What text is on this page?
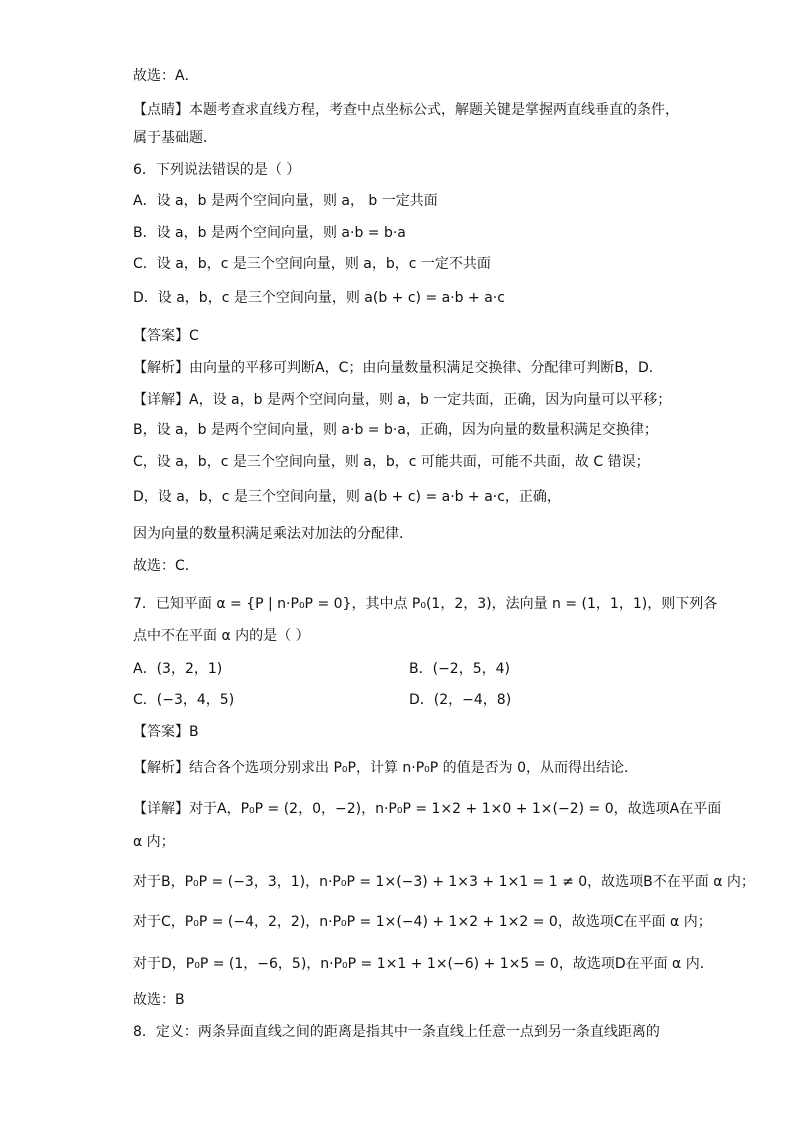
故选：A．
【点睛】本题考查求直线方程，考查中点坐标公式，解题关键是掌握两直线垂直的条件，
属于基础题．
6．下列说法错误的是（ ）
A．设 a，b 是两个空间向量，则 a， b 一定共面
B．设 a，b 是两个空间向量，则 a·b = b·a
C．设 a，b，c 是三个空间向量，则 a，b，c 一定不共面
D．设 a，b，c 是三个空间向量，则 a(b + c) = a·b + a·c
【答案】C
【解析】由向量的平移可判断A，C；由向量数量积满足交换律、分配律可判断B，D．
【详解】A，设 a，b 是两个空间向量，则 a，b 一定共面，正确，因为向量可以平移；
B，设 a，b 是两个空间向量，则 a·b = b·a，正确，因为向量的数量积满足交换律；
C，设 a，b，c 是三个空间向量，则 a，b，c 可能共面，可能不共面，故 C 错误；
D，设 a，b，c 是三个空间向量，则 a(b + c) = a·b + a·c，正确，
因为向量的数量积满足乘法对加法的分配律．
故选：C．
7．已知平面 α = {P | n·P₀P = 0}，其中点 P₀(1，2，3)，法向量 n = (1，1，1)，则下列各
点中不在平面 α 内的是（ ）
A．(3，2，1)	B．(−2，5，4)
C．(−3，4，5)	D．(2，−4，8)
【答案】B
【解析】结合各个选项分别求出 P₀P，计算 n·P₀P 的值是否为 0，从而得出结论．
【详解】对于A，P₀P = (2，0，−2)，n·P₀P = 1×2 + 1×0 + 1×(−2) = 0，故选项A在平面
α 内；
对于B，P₀P = (−3，3，1)，n·P₀P = 1×(−3) + 1×3 + 1×1 = 1 ≠ 0，故选项B不在平面 α 内；
对于C，P₀P = (−4，2，2)，n·P₀P = 1×(−4) + 1×2 + 1×2 = 0，故选项C在平面 α 内；
对于D，P₀P = (1，−6，5)，n·P₀P = 1×1 + 1×(−6) + 1×5 = 0，故选项D在平面 α 内．
故选：B
8．定义：两条异面直线之间的距离是指其中一条直线上任意一点到另一条直线距离的
